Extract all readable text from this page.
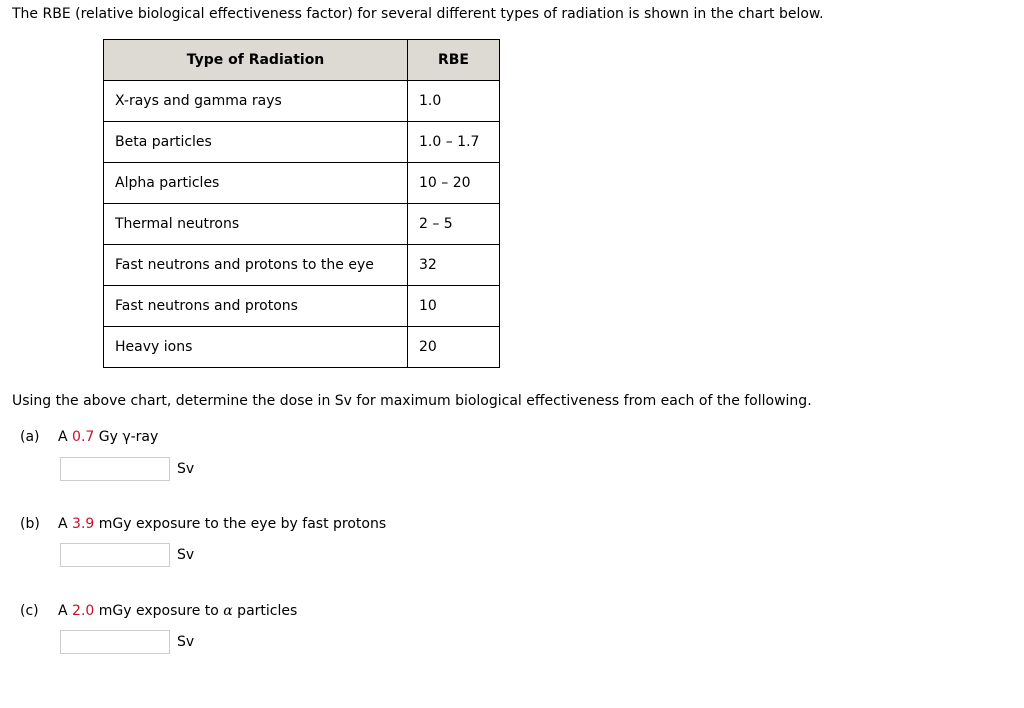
The RBE (relative biological effectiveness factor) for several different types of radiation is shown in the chart below.
Type of Radiation	RBE
X-rays and gamma rays	1.0
Beta particles	1.0 – 1.7
Alpha particles	10 – 20
Thermal neutrons	2 – 5
Fast neutrons and protons to the eye	32
Fast neutrons and protons	10
Heavy ions	20
Using the above chart, determine the dose in Sv for maximum biological effectiveness from each of the following.
(a) A 0.7 Gy γ-ray
Sv
(b) A 3.9 mGy exposure to the eye by fast protons
Sv
(c) A 2.0 mGy exposure to α particles
Sv
